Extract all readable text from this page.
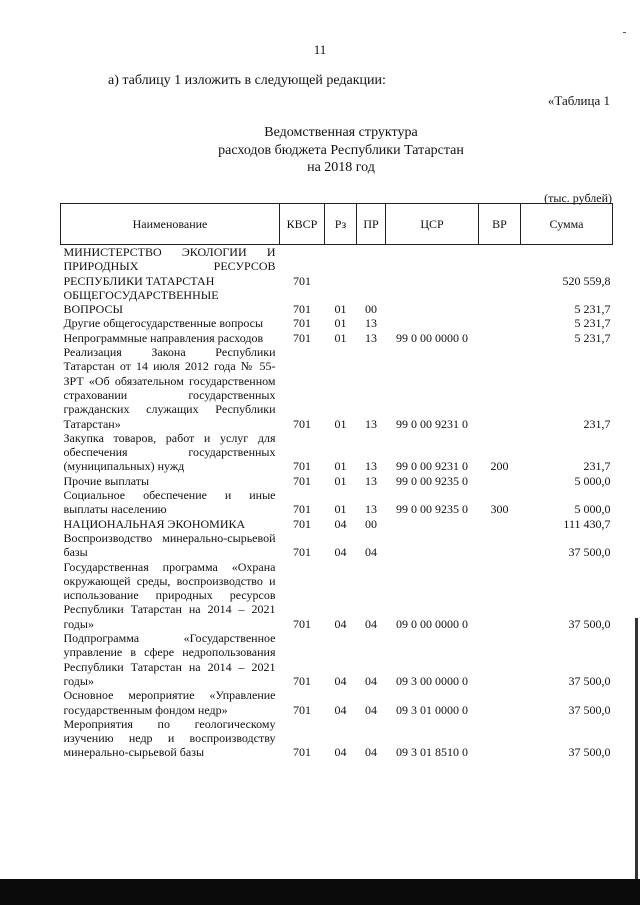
11
а) таблицу 1 изложить в следующей редакции:
«Таблица 1
Ведомственная структура
расходов бюджета Республики Татарстан
на 2018 год
(тыс. рублей)
Наименование	КВСР	Рз	ПР	ЦСР	ВР	Сумма
МИНИСТЕРСТВО ЭКОЛОГИИ И ПРИРОДНЫХ РЕСУРСОВ РЕСПУБЛИКИ ТАТАРСТАН	701					520 559,8
ОБЩЕГОСУДАРСТВЕННЫЕ ВОПРОСЫ	701	01	00			5 231,7
Другие общегосударственные вопросы	701	01	13			5 231,7
Непрограммные направления расходов	701	01	13	99 0 00 0000 0		5 231,7
Реализация Закона Республики Татарстан от 14 июля 2012 года № 55-ЗРТ «Об обязательном государственном страховании государственных гражданских служащих Республики Татарстан»	701	01	13	99 0 00 9231 0		231,7
Закупка товаров, работ и услуг для обеспечения государственных (муниципальных) нужд	701	01	13	99 0 00 9231 0	200	231,7
Прочие выплаты	701	01	13	99 0 00 9235 0		5 000,0
Социальное обеспечение и иные выплаты населению	701	01	13	99 0 00 9235 0	300	5 000,0
НАЦИОНАЛЬНАЯ ЭКОНОМИКА	701	04	00			111 430,7
Воспроизводство минерально-сырьевой базы	701	04	04			37 500,0
Государственная программа «Охрана окружающей среды, воспроизводство и использование природных ресурсов Республики Татарстан на 2014 – 2021 годы»	701	04	04	09 0 00 0000 0		37 500,0
Подпрограмма «Государственное управление в сфере недропользования Республики Татарстан на 2014 – 2021 годы»	701	04	04	09 3 00 0000 0		37 500,0
Основное мероприятие «Управление государственным фондом недр»	701	04	04	09 3 01 0000 0		37 500,0
Мероприятия по геологическому изучению недр и воспроизводству минерально-сырьевой базы	701	04	04	09 3 01 8510 0		37 500,0
